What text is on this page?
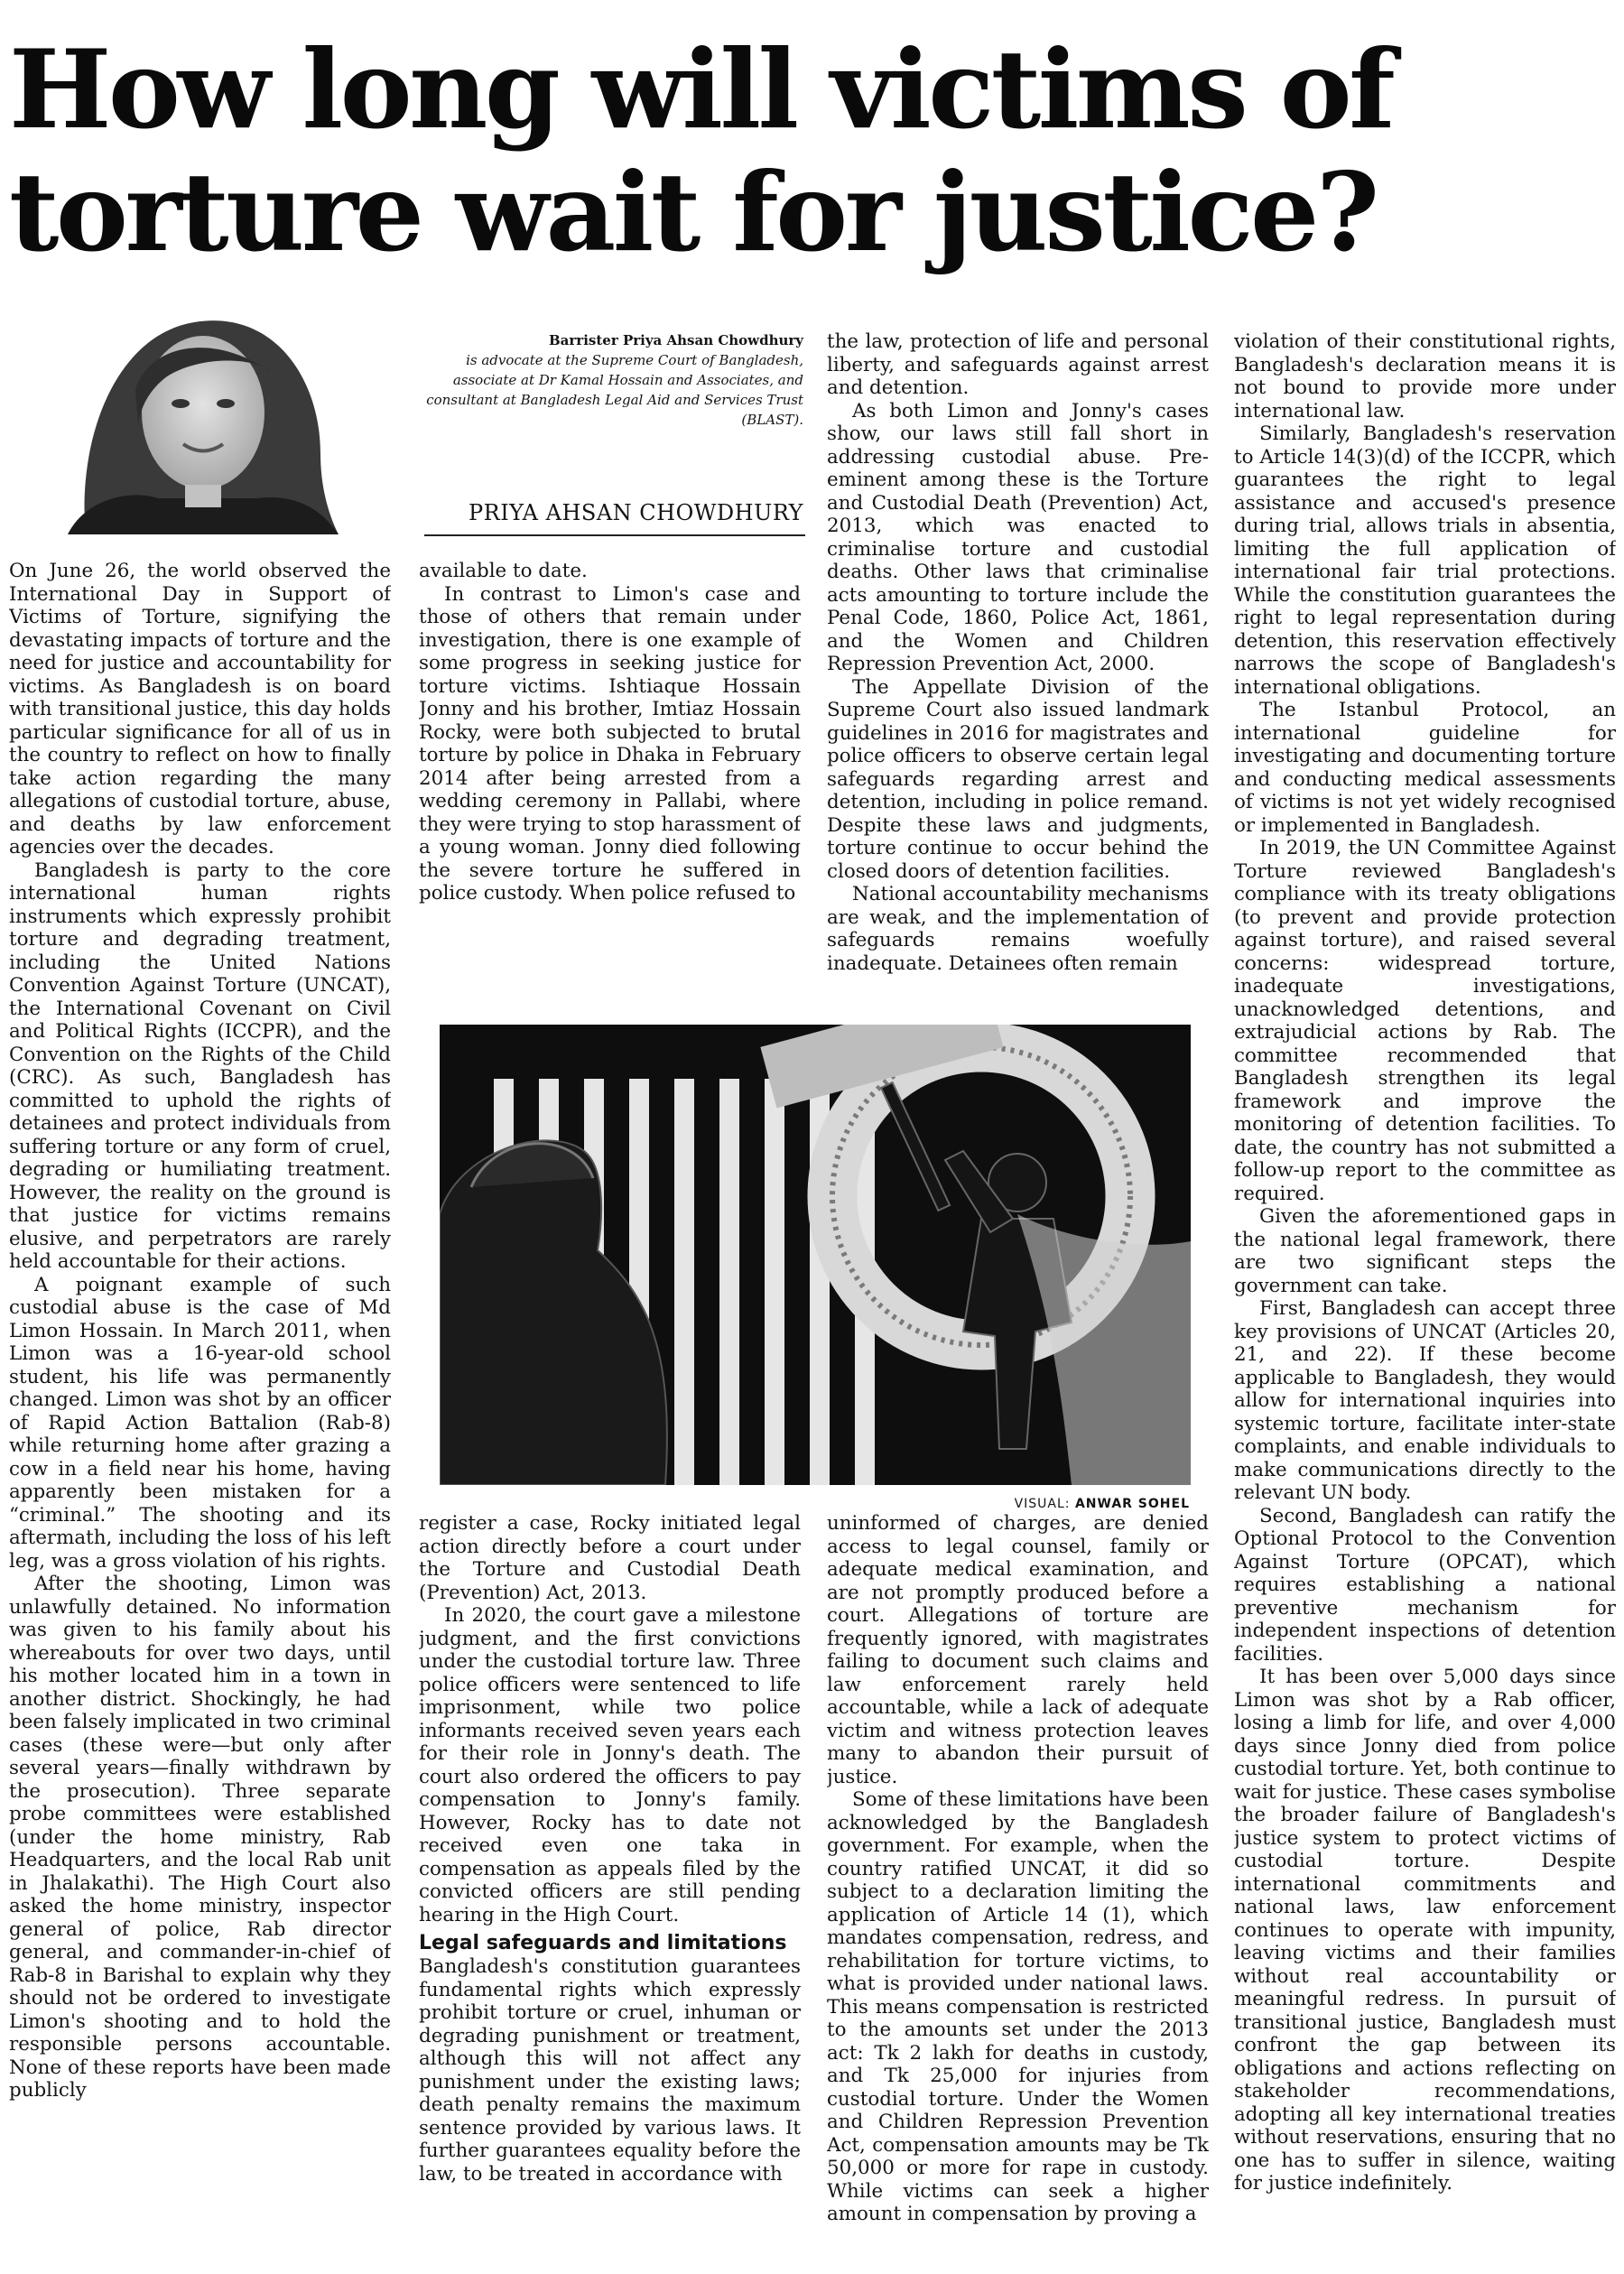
How long will victims of torture wait for justice?
Barrister Priya Ahsan Chowdhury
is advocate at the Supreme Court of Bangladesh, associate at Dr Kamal Hossain and Associates, and consultant at Bangladesh Legal Aid and Services Trust (BLAST).
PRIYA AHSAN CHOWDHURY

On June 26, the world observed the International Day in Support of Victims of Torture, signifying the devastating impacts of torture and the need for justice and accountability for victims. As Bangladesh is on board with transitional justice, this day holds particular significance for all of us in the country to reflect on how to finally take action regarding the many allegations of custodial torture, abuse, and deaths by law enforcement agencies over the decades.

Bangladesh is party to the core international human rights instruments which expressly prohibit torture and degrading treatment, including the United Nations Convention Against Torture (UNCAT), the International Covenant on Civil and Political Rights (ICCPR), and the Convention on the Rights of the Child (CRC). As such, Bangladesh has committed to uphold the rights of detainees and protect individuals from suffering torture or any form of cruel, degrading or humiliating treatment. However, the reality on the ground is that justice for victims remains elusive, and perpetrators are rarely held accountable for their actions.

A poignant example of such custodial abuse is the case of Md Limon Hossain. In March 2011, when Limon was a 16-year-old school student, his life was permanently changed. Limon was shot by an officer of Rapid Action Battalion (Rab-8) while returning home after grazing a cow in a field near his home, having apparently been mistaken for a “criminal.” The shooting and its aftermath, including the loss of his left leg, was a gross violation of his rights.

After the shooting, Limon was unlawfully detained. No information was given to his family about his whereabouts for over two days, until his mother located him in a town in another district. Shockingly, he had been falsely implicated in two criminal cases (these were—but only after several years—finally withdrawn by the prosecution). Three separate probe committees were established (under the home ministry, Rab Headquarters, and the local Rab unit in Jhalakathi). The High Court also asked the home ministry, inspector general of police, Rab director general, and commander-in-chief of Rab-8 in Barishal to explain why they should not be ordered to investigate Limon's shooting and to hold the responsible persons accountable. None of these reports have been made publicly

available to date.

In contrast to Limon's case and those of others that remain under investigation, there is one example of some progress in seeking justice for torture victims. Ishtiaque Hossain Jonny and his brother, Imtiaz Hossain Rocky, were both subjected to brutal torture by police in Dhaka in February 2014 after being arrested from a wedding ceremony in Pallabi, where they were trying to stop harassment of a young woman. Jonny died following the severe torture he suffered in police custody. When police refused to

the law, protection of life and personal liberty, and safeguards against arrest and detention.

As both Limon and Jonny's cases show, our laws still fall short in addressing custodial abuse. Pre-eminent among these is the Torture and Custodial Death (Prevention) Act, 2013, which was enacted to criminalise torture and custodial deaths. Other laws that criminalise acts amounting to torture include the Penal Code, 1860, Police Act, 1861, and the Women and Children Repression Prevention Act, 2000.

The Appellate Division of the Supreme Court also issued landmark guidelines in 2016 for magistrates and police officers to observe certain legal safeguards regarding arrest and detention, including in police remand. Despite these laws and judgments, torture continue to occur behind the closed doors of detention facilities.

National accountability mechanisms are weak, and the implementation of safeguards remains woefully inadequate. Detainees often remain

VISUAL: ANWAR SOHEL

register a case, Rocky initiated legal action directly before a court under the Torture and Custodial Death (Prevention) Act, 2013.

In 2020, the court gave a milestone judgment, and the first convictions under the custodial torture law. Three police officers were sentenced to life imprisonment, while two police informants received seven years each for their role in Jonny's death. The court also ordered the officers to pay compensation to Jonny's family. However, Rocky has to date not received even one taka in compensation as appeals filed by the convicted officers are still pending hearing in the High Court.

Legal safeguards and limitations

Bangladesh's constitution guarantees fundamental rights which expressly prohibit torture or cruel, inhuman or degrading punishment or treatment, although this will not affect any punishment under the existing laws; death penalty remains the maximum sentence provided by various laws. It further guarantees equality before the law, to be treated in accordance with

uninformed of charges, are denied access to legal counsel, family or adequate medical examination, and are not promptly produced before a court. Allegations of torture are frequently ignored, with magistrates failing to document such claims and law enforcement rarely held accountable, while a lack of adequate victim and witness protection leaves many to abandon their pursuit of justice.

Some of these limitations have been acknowledged by the Bangladesh government. For example, when the country ratified UNCAT, it did so subject to a declaration limiting the application of Article 14 (1), which mandates compensation, redress, and rehabilitation for torture victims, to what is provided under national laws. This means compensation is restricted to the amounts set under the 2013 act: Tk 2 lakh for deaths in custody, and Tk 25,000 for injuries from custodial torture. Under the Women and Children Repression Prevention Act, compensation amounts may be Tk 50,000 or more for rape in custody. While victims can seek a higher amount in compensation by proving a

violation of their constitutional rights, Bangladesh's declaration means it is not bound to provide more under international law.

Similarly, Bangladesh's reservation to Article 14(3)(d) of the ICCPR, which guarantees the right to legal assistance and accused's presence during trial, allows trials in absentia, limiting the full application of international fair trial protections. While the constitution guarantees the right to legal representation during detention, this reservation effectively narrows the scope of Bangladesh's international obligations.

The Istanbul Protocol, an international guideline for investigating and documenting torture and conducting medical assessments of victims is not yet widely recognised or implemented in Bangladesh.

In 2019, the UN Committee Against Torture reviewed Bangladesh's compliance with its treaty obligations (to prevent and provide protection against torture), and raised several concerns: widespread torture, inadequate investigations, unacknowledged detentions, and extrajudicial actions by Rab. The committee recommended that Bangladesh strengthen its legal framework and improve the monitoring of detention facilities. To date, the country has not submitted a follow-up report to the committee as required.

Given the aforementioned gaps in the national legal framework, there are two significant steps the government can take.

First, Bangladesh can accept three key provisions of UNCAT (Articles 20, 21, and 22). If these become applicable to Bangladesh, they would allow for international inquiries into systemic torture, facilitate inter-state complaints, and enable individuals to make communications directly to the relevant UN body.

Second, Bangladesh can ratify the Optional Protocol to the Convention Against Torture (OPCAT), which requires establishing a national preventive mechanism for independent inspections of detention facilities.

It has been over 5,000 days since Limon was shot by a Rab officer, losing a limb for life, and over 4,000 days since Jonny died from police custodial torture. Yet, both continue to wait for justice. These cases symbolise the broader failure of Bangladesh's justice system to protect victims of custodial torture. Despite international commitments and national laws, law enforcement continues to operate with impunity, leaving victims and their families without real accountability or meaningful redress. In pursuit of transitional justice, Bangladesh must confront the gap between its obligations and actions reflecting on stakeholder recommendations, adopting all key international treaties without reservations, ensuring that no one has to suffer in silence, waiting for justice indefinitely.
